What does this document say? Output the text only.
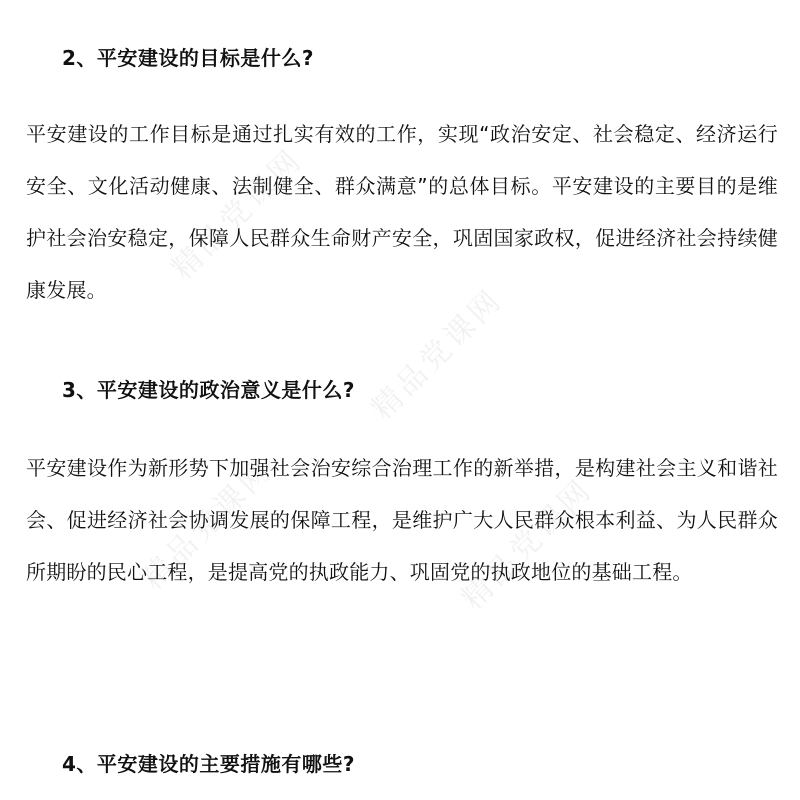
精品党课网
精品党课网
精品党课网	精品党课网
2、平安建设的目标是什么?
平安建设的工作目标是通过扎实有效的工作，实现“政治安定、社会稳定、经济运行安全、文化活动健康、法制健全、群众满意”的总体目标。平安建设的主要目的是维护社会治安稳定，保障人民群众生命财产安全，巩固国家政权，促进经济社会持续健康发展。
3、平安建设的政治意义是什么?
平安建设作为新形势下加强社会治安综合治理工作的新举措，是构建社会主义和谐社会、促进经济社会协调发展的保障工程，是维护广大人民群众根本利益、为人民群众所期盼的民心工程，是提高党的执政能力、巩固党的执政地位的基础工程。
4、平安建设的主要措施有哪些?
